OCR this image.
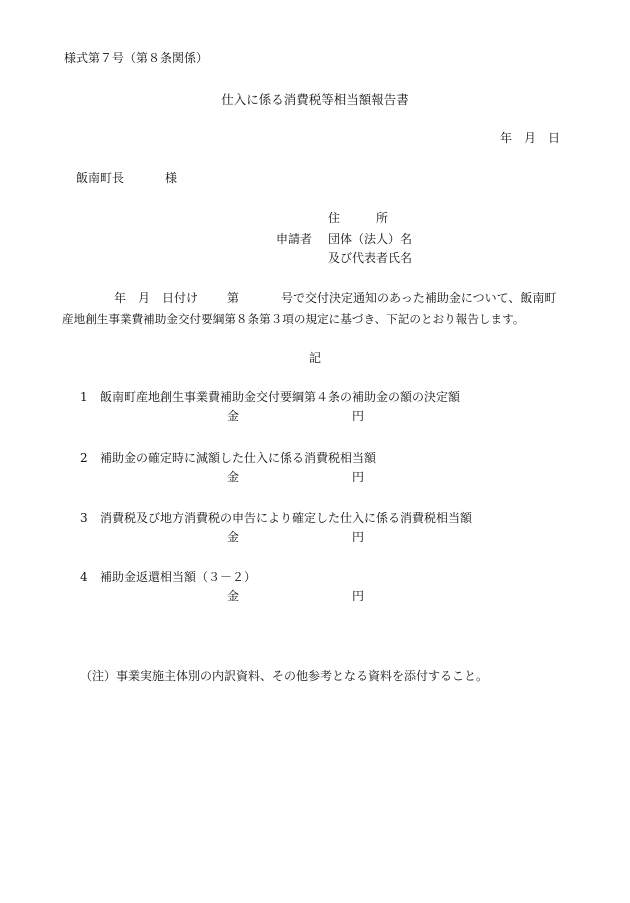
様式第７号（第８条関係）
仕入に係る消費税等相当額報告書
年　月　日
飯南町長	様
住　　　所
申請者 団体（法人）名
及び代表者氏名
年　月　日付け 第	号で交付決定通知のあった補助金について、飯南町
産地創生事業費補助金交付要綱第８条第３項の規定に基づき、下記のとおり報告します。
記
1 飯南町産地創生事業費補助金交付要綱第４条の補助金の額の決定額
金	円
2 補助金の確定時に減額した仕入に係る消費税相当額
金	円
3 消費税及び地方消費税の申告により確定した仕入に係る消費税相当額
金	円
4 補助金返還相当額（３－２）
金	円
（注）事業実施主体別の内訳資料、その他参考となる資料を添付すること。
